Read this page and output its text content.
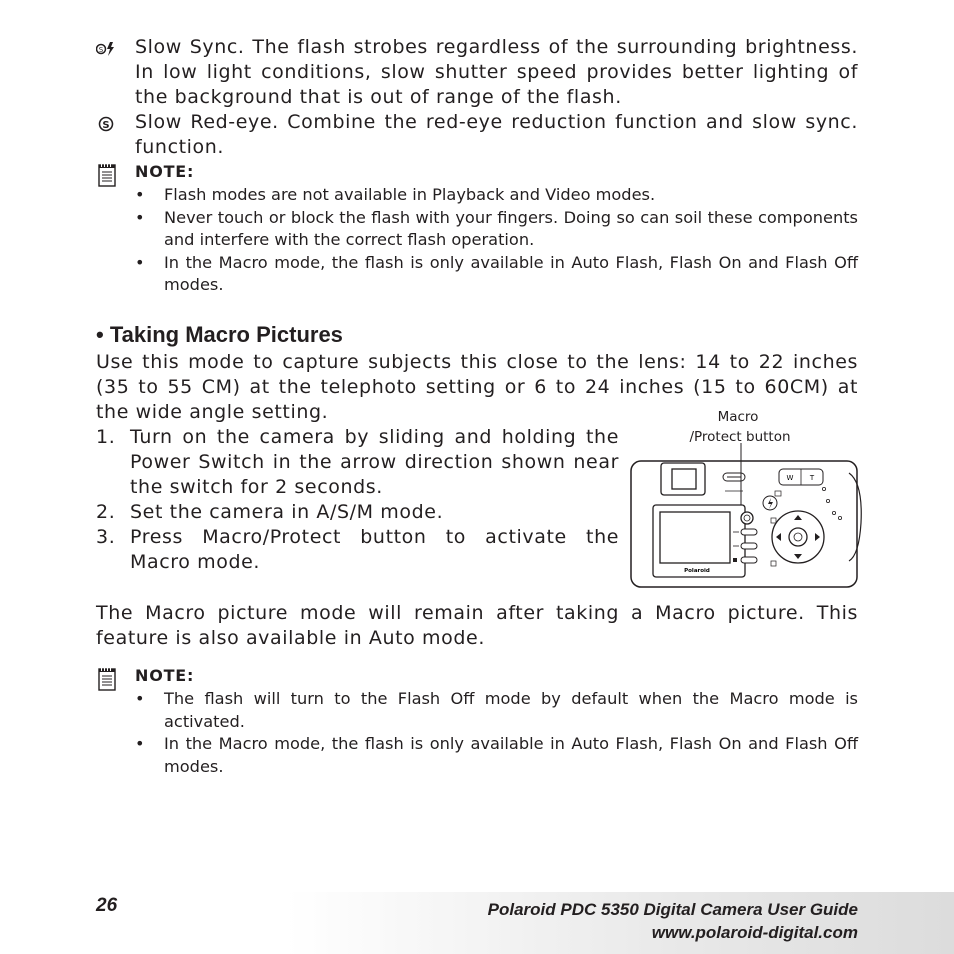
S Slow Sync. The flash strobes regardless of the surrounding brightness. In low light conditions, slow shutter speed provides better lighting of the background that is out of range of the flash.
S Slow Red-eye. Combine the red-eye reduction function and slow sync. function.
NOTE:
• Flash modes are not available in Playback and Video modes.
• Never touch or block the flash with your fingers. Doing so can soil these components and interfere with the correct flash operation.
• In the Macro mode, the flash is only available in Auto Flash, Flash On and Flash Off modes.
• Taking Macro Pictures
Use this mode to capture subjects this close to the lens: 14 to 22 inches (35 to 55 CM) at the telephoto setting or 6 to 24 inches (15 to 60CM) at the wide angle setting.
1. Turn on the camera by sliding and holding the Power Switch in the arrow direction shown near the switch for 2 seconds.
2. Set the camera in A/S/M mode.
3. Press Macro/Protect button to activate the Macro mode.
Macro
/Protect button
W T
Polaroid
The Macro picture mode will remain after taking a Macro picture. This feature is also available in Auto mode.
NOTE:
• The flash will turn to the Flash Off mode by default when the Macro mode is activated.
• In the Macro mode, the flash is only available in Auto Flash, Flash On and Flash Off modes.
26	Polaroid PDC 5350 Digital Camera User Guide
www.polaroid-digital.com
